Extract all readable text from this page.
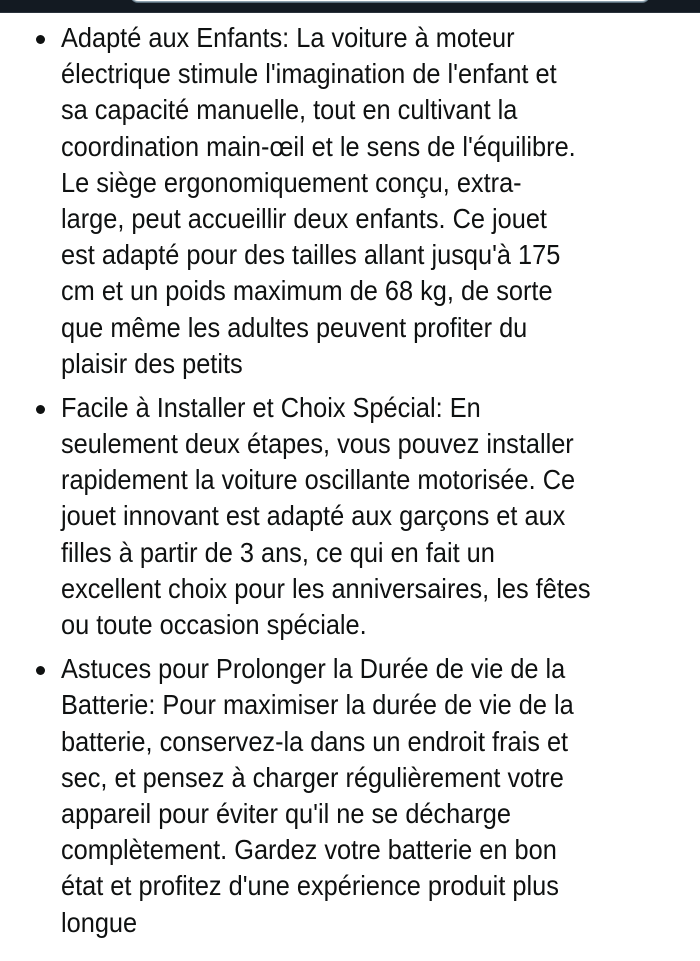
Adapté aux Enfants: La voiture à moteur
électrique stimule l'imagination de l'enfant et
sa capacité manuelle, tout en cultivant la
coordination main-œil et le sens de l'équilibre.
Le siège ergonomiquement conçu, extra-
large, peut accueillir deux enfants. Ce jouet
est adapté pour des tailles allant jusqu'à 175
cm et un poids maximum de 68 kg, de sorte
que même les adultes peuvent profiter du
plaisir des petits
Facile à Installer et Choix Spécial: En
seulement deux étapes, vous pouvez installer
rapidement la voiture oscillante motorisée. Ce
jouet innovant est adapté aux garçons et aux
filles à partir de 3 ans, ce qui en fait un
excellent choix pour les anniversaires, les fêtes
ou toute occasion spéciale.
Astuces pour Prolonger la Durée de vie de la
Batterie: Pour maximiser la durée de vie de la
batterie, conservez-la dans un endroit frais et
sec, et pensez à charger régulièrement votre
appareil pour éviter qu'il ne se décharge
complètement. Gardez votre batterie en bon
état et profitez d'une expérience produit plus
longue
